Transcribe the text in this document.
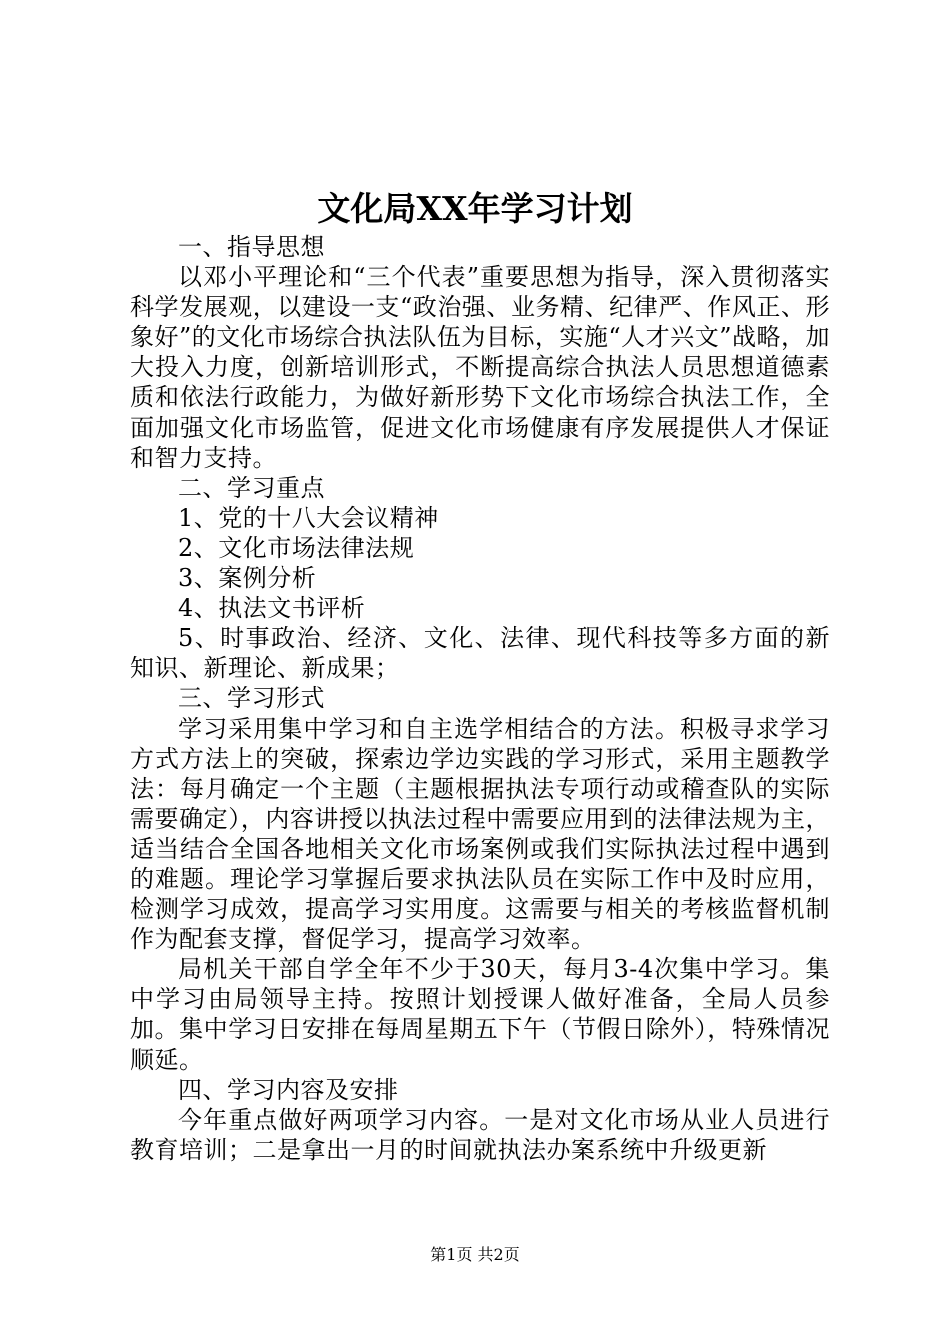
文化局XX年学习计划

一、指导思想

以邓小平理论和“三个代表”重要思想为指导，深入贯彻落实科学发展观，以建设一支“政治强、业务精、纪律严、作风正、形象好”的文化市场综合执法队伍为目标，实施“人才兴文”战略，加大投入力度，创新培训形式，不断提高综合执法人员思想道德素质和依法行政能力，为做好新形势下文化市场综合执法工作，全面加强文化市场监管，促进文化市场健康有序发展提供人才保证和智力支持。

二、学习重点

1、党的十八大会议精神

2、文化市场法律法规

3、案例分析

4、执法文书评析

5、时事政治、经济、文化、法律、现代科技等多方面的新知识、新理论、新成果；

三、学习形式

学习采用集中学习和自主选学相结合的方法。积极寻求学习方式方法上的突破，探索边学边实践的学习形式，采用主题教学法：每月确定一个主题（主题根据执法专项行动或稽查队的实际需要确定），内容讲授以执法过程中需要应用到的法律法规为主，适当结合全国各地相关文化市场案例或我们实际执法过程中遇到的难题。理论学习掌握后要求执法队员在实际工作中及时应用，检测学习成效，提高学习实用度。这需要与相关的考核监督机制作为配套支撑，督促学习，提高学习效率。

局机关干部自学全年不少于30天，每月3-4次集中学习。集中学习由局领导主持。按照计划授课人做好准备，全局人员参加。集中学习日安排在每周星期五下午（节假日除外），特殊情况顺延。

四、学习内容及安排

今年重点做好两项学习内容。一是对文化市场从业人员进行教育培训；二是拿出一月的时间就执法办案系统中升级更新

第1页 共2页
